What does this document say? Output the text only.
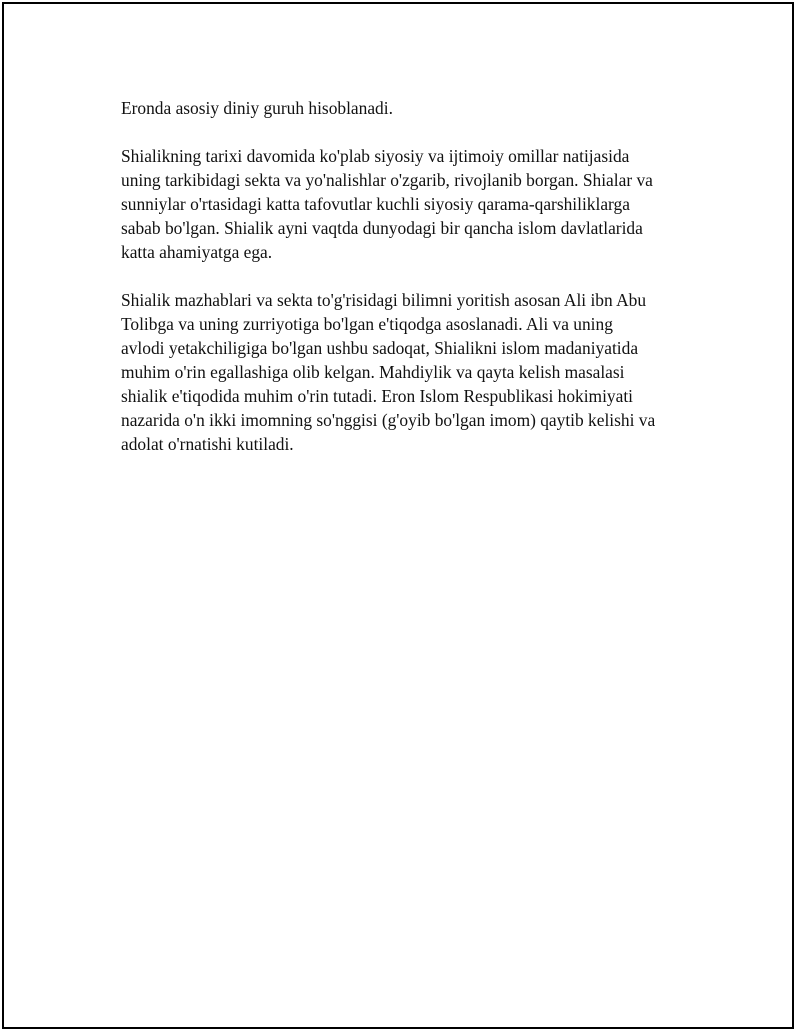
Eronda asosiy diniy guruh hisoblanadi.

Shialikning tarixi davomida ko'plab siyosiy va ijtimoiy omillar natijasida
uning tarkibidagi sekta va yo'nalishlar o'zgarib, rivojlanib borgan. Shialar va
sunniylar o'rtasidagi katta tafovutlar kuchli siyosiy qarama-qarshiliklarga
sabab bo'lgan. Shialik ayni vaqtda dunyodagi bir qancha islom davlatlarida
katta ahamiyatga ega.

Shialik mazhablari va sekta to'g'risidagi bilimni yoritish asosan Ali ibn Abu
Tolibga va uning zurriyotiga bo'lgan e'tiqodga asoslanadi. Ali va uning
avlodi yetakchiligiga bo'lgan ushbu sadoqat, Shialikni islom madaniyatida
muhim o'rin egallashiga olib kelgan. Mahdiylik va qayta kelish masalasi
shialik e'tiqodida muhim o'rin tutadi. Eron Islom Respublikasi hokimiyati
nazarida o'n ikki imomning so'nggisi (g'oyib bo'lgan imom) qaytib kelishi va
adolat o'rnatishi kutiladi.
